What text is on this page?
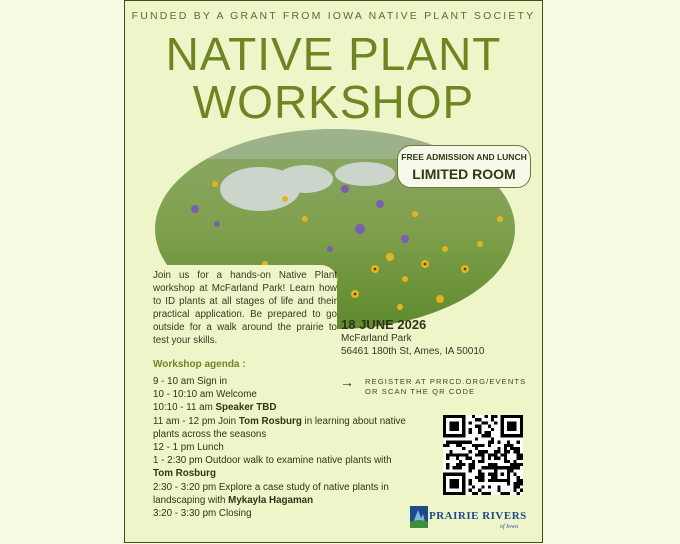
FUNDED BY A GRANT FROM IOWA NATIVE PLANT SOCIETY
NATIVE PLANT
WORKSHOP
FREE ADMISSION AND LUNCH
LIMITED ROOM
Join us for a hands-on Native Plant workshop at McFarland Park! Learn how to ID plants at all stages of life and their practical application. Be prepared to go outside for a walk around the prairie to test your skills.
18 JUNE 2026
McFarland Park
56461 180th St, Ames, IA 50010
Workshop agenda :
9 - 10 am Sign in
10 - 10:10 am Welcome
10:10 - 11 am Speaker TBD
11 am - 12 pm Join Tom Rosburg in learning about native plants across the seasons
12 - 1 pm Lunch
1 - 2:30 pm Outdoor walk to examine native plants with
Tom Rosburg
2:30 - 3:20 pm Explore a case study of native plants in landscaping with Mykayla Hagaman
3:20 - 3:30 pm Closing
→ REGISTER AT PRRCD.ORG/EVENTS
OR SCAN THE QR CODE
PRAIRIE RIVERS
of Iowa
